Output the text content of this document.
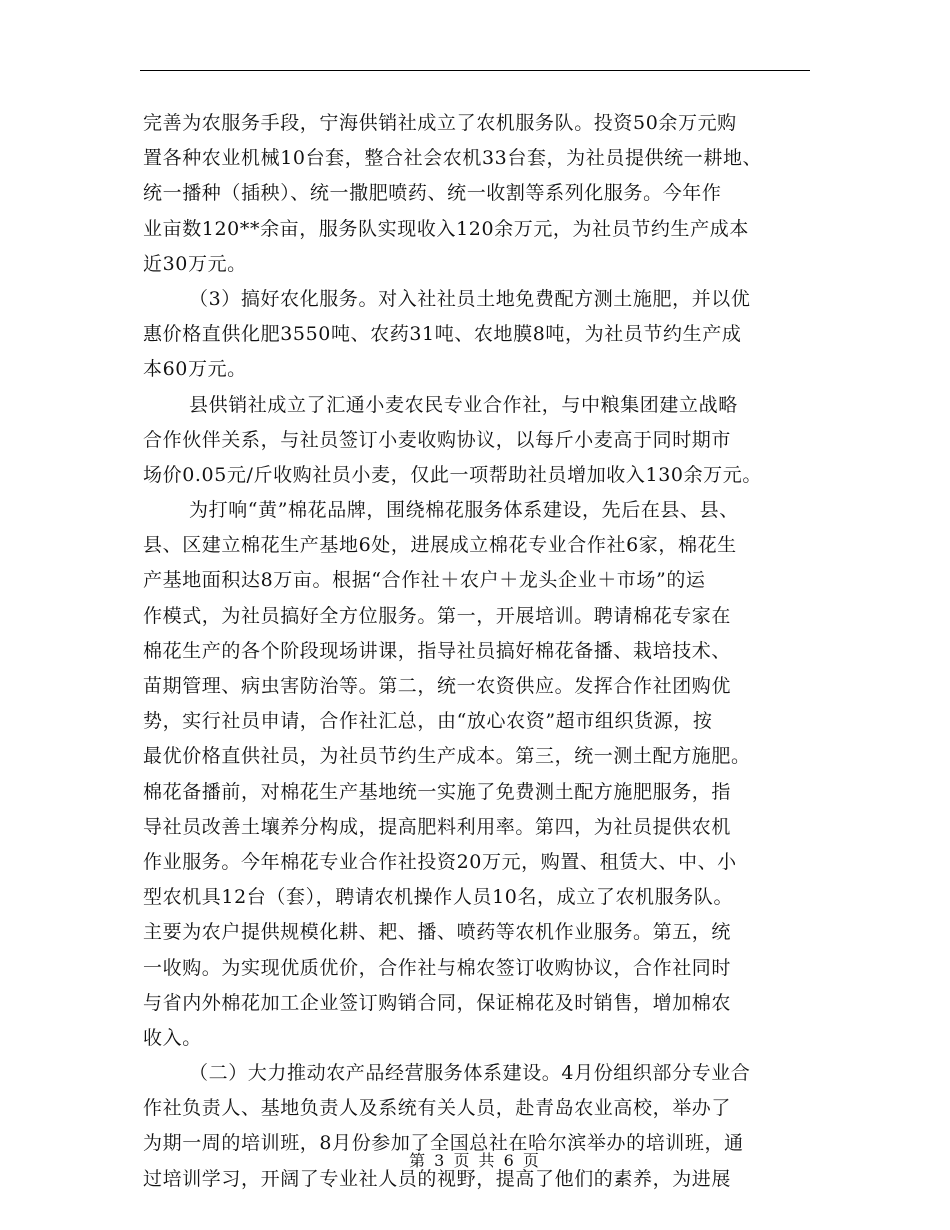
完善为农服务手段，宁海供销社成立了农机服务队。投资50余万元购
置各种农业机械10台套，整合社会农机33台套，为社员提供统一耕地、
统一播种（插秧）、统一撒肥喷药、统一收割等系列化服务。今年作
业亩数120**余亩，服务队实现收入120余万元，为社员节约生产成本
近30万元。
（3）搞好农化服务。对入社社员土地免费配方测土施肥，并以优
惠价格直供化肥3550吨、农药31吨、农地膜8吨，为社员节约生产成
本60万元。
县供销社成立了汇通小麦农民专业合作社，与中粮集团建立战略
合作伙伴关系，与社员签订小麦收购协议，以每斤小麦高于同时期市
场价0.05元/斤收购社员小麦，仅此一项帮助社员增加收入130余万元。
为打响“黄”棉花品牌，围绕棉花服务体系建设，先后在县、县、
县、区建立棉花生产基地6处，进展成立棉花专业合作社6家，棉花生
产基地面积达8万亩。根据“合作社＋农户＋龙头企业＋市场”的运
作模式，为社员搞好全方位服务。第一，开展培训。聘请棉花专家在
棉花生产的各个阶段现场讲课，指导社员搞好棉花备播、栽培技术、
苗期管理、病虫害防治等。第二，统一农资供应。发挥合作社团购优
势，实行社员申请，合作社汇总，由“放心农资”超市组织货源，按
最优价格直供社员，为社员节约生产成本。第三，统一测土配方施肥。
棉花备播前，对棉花生产基地统一实施了免费测土配方施肥服务，指
导社员改善土壤养分构成，提高肥料利用率。第四，为社员提供农机
作业服务。今年棉花专业合作社投资20万元，购置、租赁大、中、小
型农机具12台（套），聘请农机操作人员10名，成立了农机服务队。
主要为农户提供规模化耕、耙、播、喷药等农机作业服务。第五，统
一收购。为实现优质优价，合作社与棉农签订收购协议，合作社同时
与省内外棉花加工企业签订购销合同，保证棉花及时销售，增加棉农
收入。
（二）大力推动农产品经营服务体系建设。4月份组织部分专业合
作社负责人、基地负责人及系统有关人员，赴青岛农业高校，举办了
为期一周的培训班，8月份参加了全国总社在哈尔滨举办的培训班，通
过培训学习，开阔了专业社人员的视野，提高了他们的素养，为进展
第 3 页 共 6 页
